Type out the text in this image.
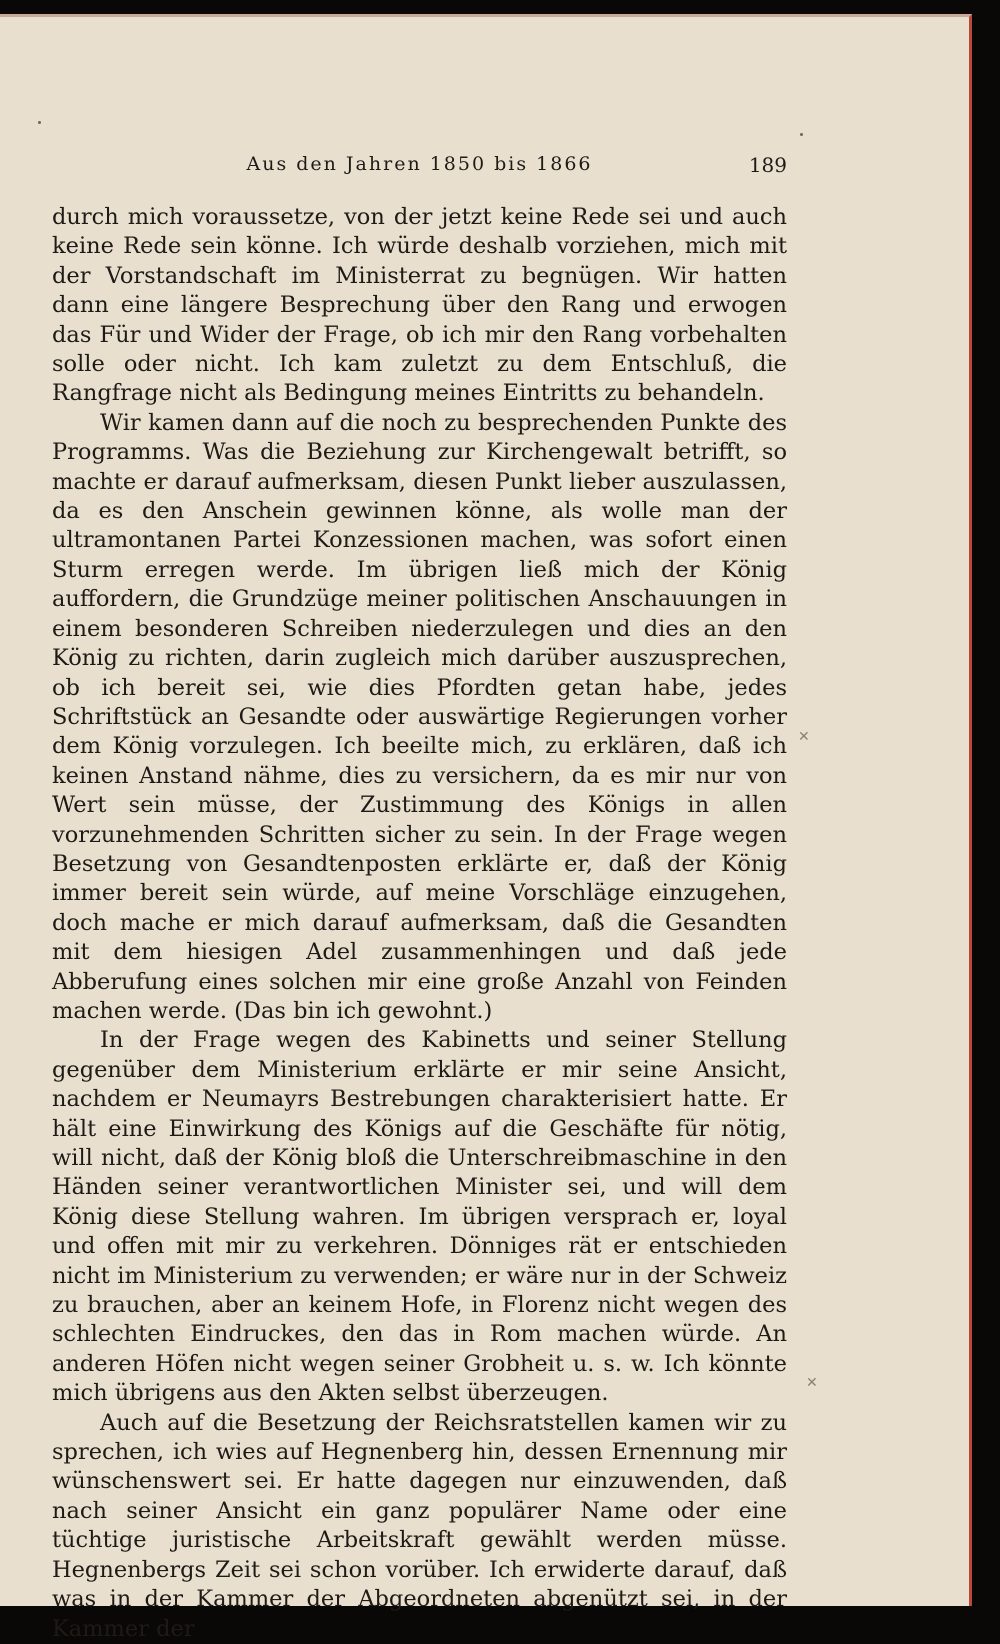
Aus den Jahren 1850 bis 1866	189

durch mich voraussetze, von der jetzt keine Rede sei und auch keine Rede sein könne. Ich würde deshalb vorziehen, mich mit der Vorstandschaft im Ministerrat zu begnügen. Wir hatten dann eine längere Besprechung über den Rang und erwogen das Für und Wider der Frage, ob ich mir den Rang vorbehalten solle oder nicht. Ich kam zuletzt zu dem Entschluß, die Rangfrage nicht als Bedingung meines Eintritts zu behandeln.

Wir kamen dann auf die noch zu besprechenden Punkte des Programms. Was die Beziehung zur Kirchengewalt betrifft, so machte er darauf aufmerksam, diesen Punkt lieber auszulassen, da es den Anschein gewinnen könne, als wolle man der ultramontanen Partei Konzessionen machen, was sofort einen Sturm erregen werde. Im übrigen ließ mich der König auffordern, die Grundzüge meiner politischen Anschauungen in einem besonderen Schreiben niederzulegen und dies an den König zu richten, darin zugleich mich darüber auszusprechen, ob ich bereit sei, wie dies Pfordten getan habe, jedes Schriftstück an Gesandte oder auswärtige Regierungen vorher dem König vorzulegen. Ich beeilte mich, zu erklären, daß ich keinen Anstand nähme, dies zu versichern, da es mir nur von Wert sein müsse, der Zustimmung des Königs in allen vorzunehmenden Schritten sicher zu sein. In der Frage wegen Besetzung von Gesandtenposten erklärte er, daß der König immer bereit sein würde, auf meine Vorschläge einzugehen, doch mache er mich darauf aufmerksam, daß die Gesandten mit dem hiesigen Adel zusammenhingen und daß jede Abberufung eines solchen mir eine große Anzahl von Feinden machen werde. (Das bin ich gewohnt.)

In der Frage wegen des Kabinetts und seiner Stellung gegenüber dem Ministerium erklärte er mir seine Ansicht, nachdem er Neumayrs Bestrebungen charakterisiert hatte. Er hält eine Einwirkung des Königs auf die Geschäfte für nötig, will nicht, daß der König bloß die Unterschreibmaschine in den Händen seiner verantwortlichen Minister sei, und will dem König diese Stellung wahren. Im übrigen versprach er, loyal und offen mit mir zu verkehren. Dönniges rät er entschieden nicht im Ministerium zu verwenden; er wäre nur in der Schweiz zu brauchen, aber an keinem Hofe, in Florenz nicht wegen des schlechten Eindruckes, den das in Rom machen würde. An anderen Höfen nicht wegen seiner Grobheit u. s. w. Ich könnte mich übrigens aus den Akten selbst überzeugen.

Auch auf die Besetzung der Reichsratstellen kamen wir zu sprechen, ich wies auf Hegnenberg hin, dessen Ernennung mir wünschenswert sei. Er hatte dagegen nur einzuwenden, daß nach seiner Ansicht ein ganz populärer Name oder eine tüchtige juristische Arbeitskraft gewählt werden müsse. Hegnenbergs Zeit sei schon vorüber. Ich erwiderte darauf, daß was in der Kammer der Abgeordneten abgenützt sei, in der Kammer der

✕
✕
